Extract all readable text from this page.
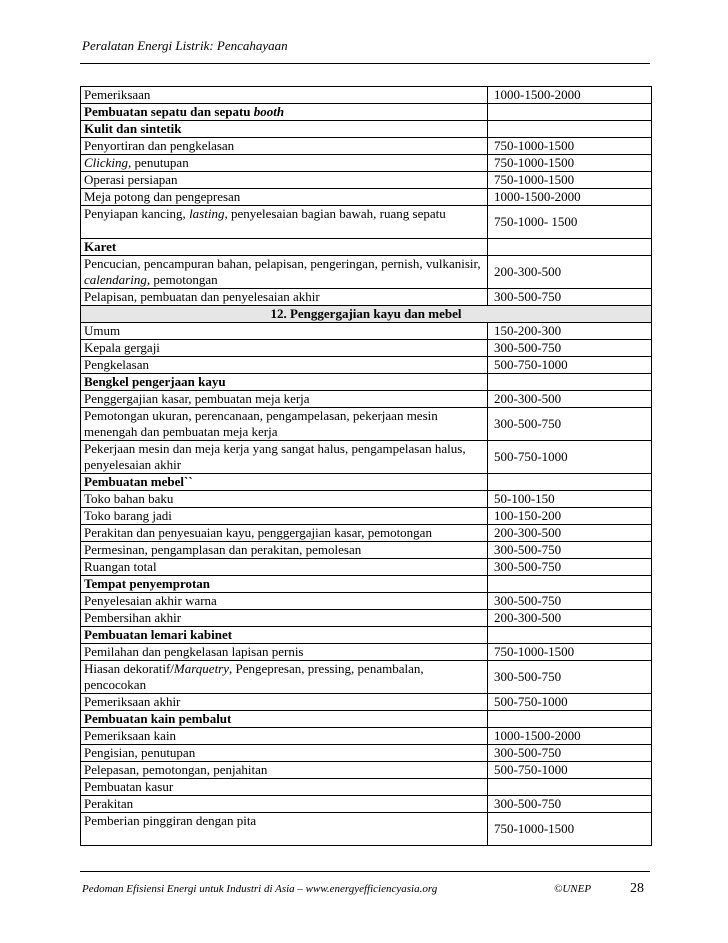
Peralatan Energi Listrik: Pencahayaan
Pemeriksaan	1000-1500-2000
Pembuatan sepatu dan sepatu booth	
Kulit dan sintetik	
Penyortiran dan pengkelasan	750-1000-1500
Clicking, penutupan	750-1000-1500
Operasi persiapan	750-1000-1500
Meja potong dan pengepresan	1000-1500-2000
Penyiapan kancing, lasting, penyelesaian bagian bawah, ruang sepatu	750-1000- 1500
Karet	
Pencucian, pencampuran bahan, pelapisan, pengeringan, pernish, vulkanisir, calendaring, pemotongan	200-300-500
Pelapisan, pembuatan dan penyelesaian akhir	300-500-750
12. Penggergajian kayu dan mebel	
Umum	150-200-300
Kepala gergaji	300-500-750
Pengkelasan	500-750-1000
Bengkel pengerjaan kayu	
Penggergajian kasar, pembuatan meja kerja	200-300-500
Pemotongan ukuran, perencanaan, pengampelasan, pekerjaan mesin menengah dan pembuatan meja kerja	300-500-750
Pekerjaan mesin dan meja kerja yang sangat halus, pengampelasan halus, penyelesaian akhir	500-750-1000
Pembuatan mebel``	
Toko bahan baku	50-100-150
Toko barang jadi	100-150-200
Perakitan dan penyesuaian kayu, penggergajian kasar, pemotongan	200-300-500
Permesinan, pengamplasan dan perakitan, pemolesan	300-500-750
Ruangan total	300-500-750
Tempat penyemprotan	
Penyelesaian akhir warna	300-500-750
Pembersihan akhir	200-300-500
Pembuatan lemari kabinet	
Pemilahan dan pengkelasan lapisan pernis	750-1000-1500
Hiasan dekoratif/Marquetry, Pengepresan, pressing, penambalan, pencocokan	300-500-750
Pemeriksaan akhir	500-750-1000
Pembuatan kain pembalut	
Pemeriksaan kain	1000-1500-2000
Pengisian, penutupan	300-500-750
Pelepasan, pemotongan, penjahitan	500-750-1000
Pembuatan kasur	
Perakitan	300-500-750
Pemberian pinggiran dengan pita	750-1000-1500
Pedoman Efisiensi Energi untuk Industri di Asia – www.energyefficiencyasia.org	©UNEP	28
